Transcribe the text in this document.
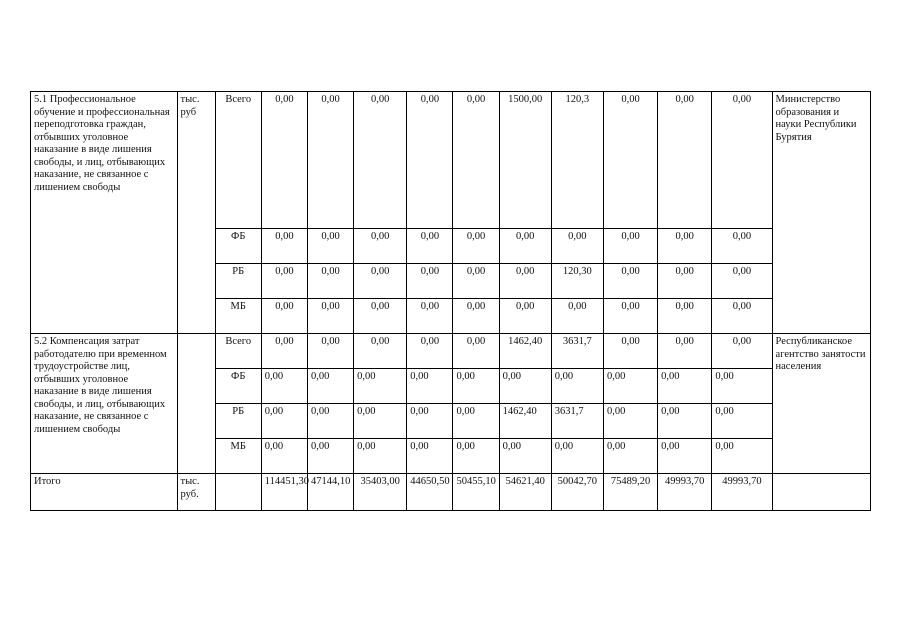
5.1 Профессиональное обучение и профессиональная переподготовка граждан, отбывших уголовное наказание в виде лишения свободы, и лиц, отбывающих наказание, не связанное с лишением свободы	тыс. руб	Всего	0,00	0,00	0,00	0,00	0,00	1500,00	120,3	0,00	0,00	0,00	Министерство образования и науки Республики Бурятия
		ФБ	0,00	0,00	0,00	0,00	0,00	0,00	0,00	0,00	0,00	0,00	
		РБ	0,00	0,00	0,00	0,00	0,00	0,00	120,30	0,00	0,00	0,00	
		МБ	0,00	0,00	0,00	0,00	0,00	0,00	0,00	0,00	0,00	0,00	
5.2 Компенсация затрат работодателю при временном трудоустройстве лиц, отбывших уголовное наказание в виде лишения свободы, и лиц, отбывающих наказание, не связанное с лишением свободы		Всего	0,00	0,00	0,00	0,00	0,00	1462,40	3631,7	0,00	0,00	0,00	Республиканское агентство занятости населения
		ФБ	0,00	0,00	0,00	0,00	0,00	0,00	0,00	0,00	0,00	0,00	
		РБ	0,00	0,00	0,00	0,00	0,00	1462,40	3631,7	0,00	0,00	0,00	
		МБ	0,00	0,00	0,00	0,00	0,00	0,00	0,00	0,00	0,00	0,00	
Итого	тыс. руб.		114451,30	47144,10	35403,00	44650,50	50455,10	54621,40	50042,70	75489,20	49993,70	49993,70	
